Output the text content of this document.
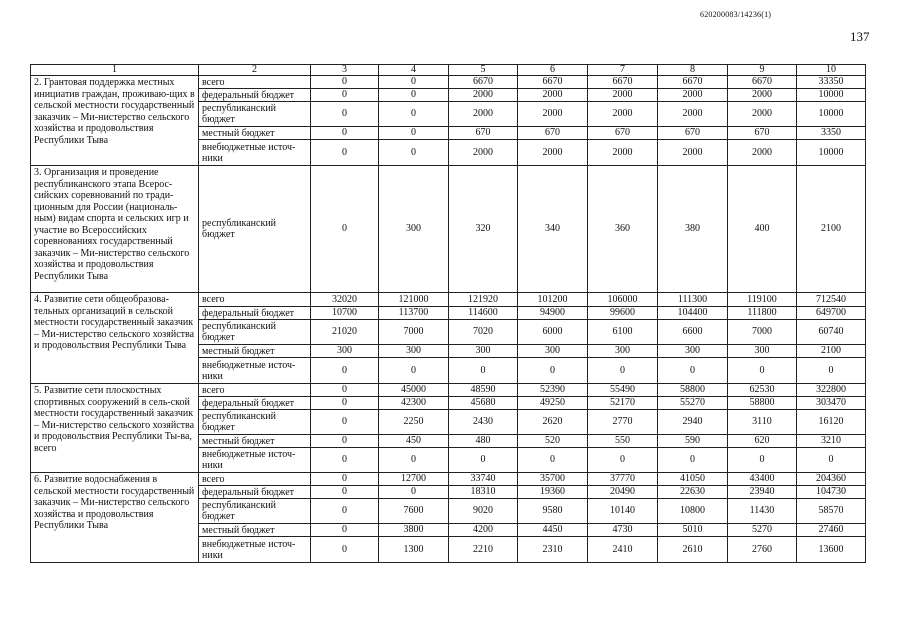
620200083/14236(1)
137
1	2	3	4	5	6	7	8	9	10
2. Грантовая поддержка местных инициатив граждан, проживаю-щих в сельской местности государственный заказчик – Ми-нистерство сельского хозяйства и продовольствия Республики Тыва	всего	0	0	6670	6670	6670	6670	6670	33350
	федеральный бюджет	0	0	2000	2000	2000	2000	2000	10000
	республиканский бюджет	0	0	2000	2000	2000	2000	2000	10000
	местный бюджет	0	0	670	670	670	670	670	3350
	внебюджетные источ-ники	0	0	2000	2000	2000	2000	2000	10000
3. Организация и проведение республиканского этапа Всерос-сийских соревнований по тради-ционным для России (националь-ным) видам спорта и сельских игр и участие во Всероссийских соревнованиях государственный заказчик – Ми-нистерство сельского хозяйства и продовольствия Республики Тыва	республиканский бюджет	0	300	320	340	360	380	400	2100
4. Развитие сети общеобразова-тельных организаций в сельской местности государственный заказчик – Ми-нистерство сельского хозяйства и продовольствия Республики Тыва	всего	32020	121000	121920	101200	106000	111300	119100	712540
	федеральный бюджет	10700	113700	114600	94900	99600	104400	111800	649700
	республиканский бюджет	21020	7000	7020	6000	6100	6600	7000	60740
	местный бюджет	300	300	300	300	300	300	300	2100
	внебюджетные источ-ники	0	0	0	0	0	0	0	0
5. Развитие сети плоскостных спортивных сооружений в сель-ской местности государственный заказчик – Ми-нистерство сельского хозяйства и продовольствия Республики Ты-ва, всего	всего	0	45000	48590	52390	55490	58800	62530	322800
	федеральный бюджет	0	42300	45680	49250	52170	55270	58800	303470
	республиканский бюджет	0	2250	2430	2620	2770	2940	3110	16120
	местный бюджет	0	450	480	520	550	590	620	3210
	внебюджетные источ-ники	0	0	0	0	0	0	0	0
6. Развитие водоснабжения в сельской местности государственный заказчик – Ми-нистерство сельского хозяйства и продовольствия Республики Тыва	всего	0	12700	33740	35700	37770	41050	43400	204360
	федеральный бюджет	0	0	18310	19360	20490	22630	23940	104730
	республиканский бюджет	0	7600	9020	9580	10140	10800	11430	58570
	местный бюджет	0	3800	4200	4450	4730	5010	5270	27460
	внебюджетные источ-ники	0	1300	2210	2310	2410	2610	2760	13600
